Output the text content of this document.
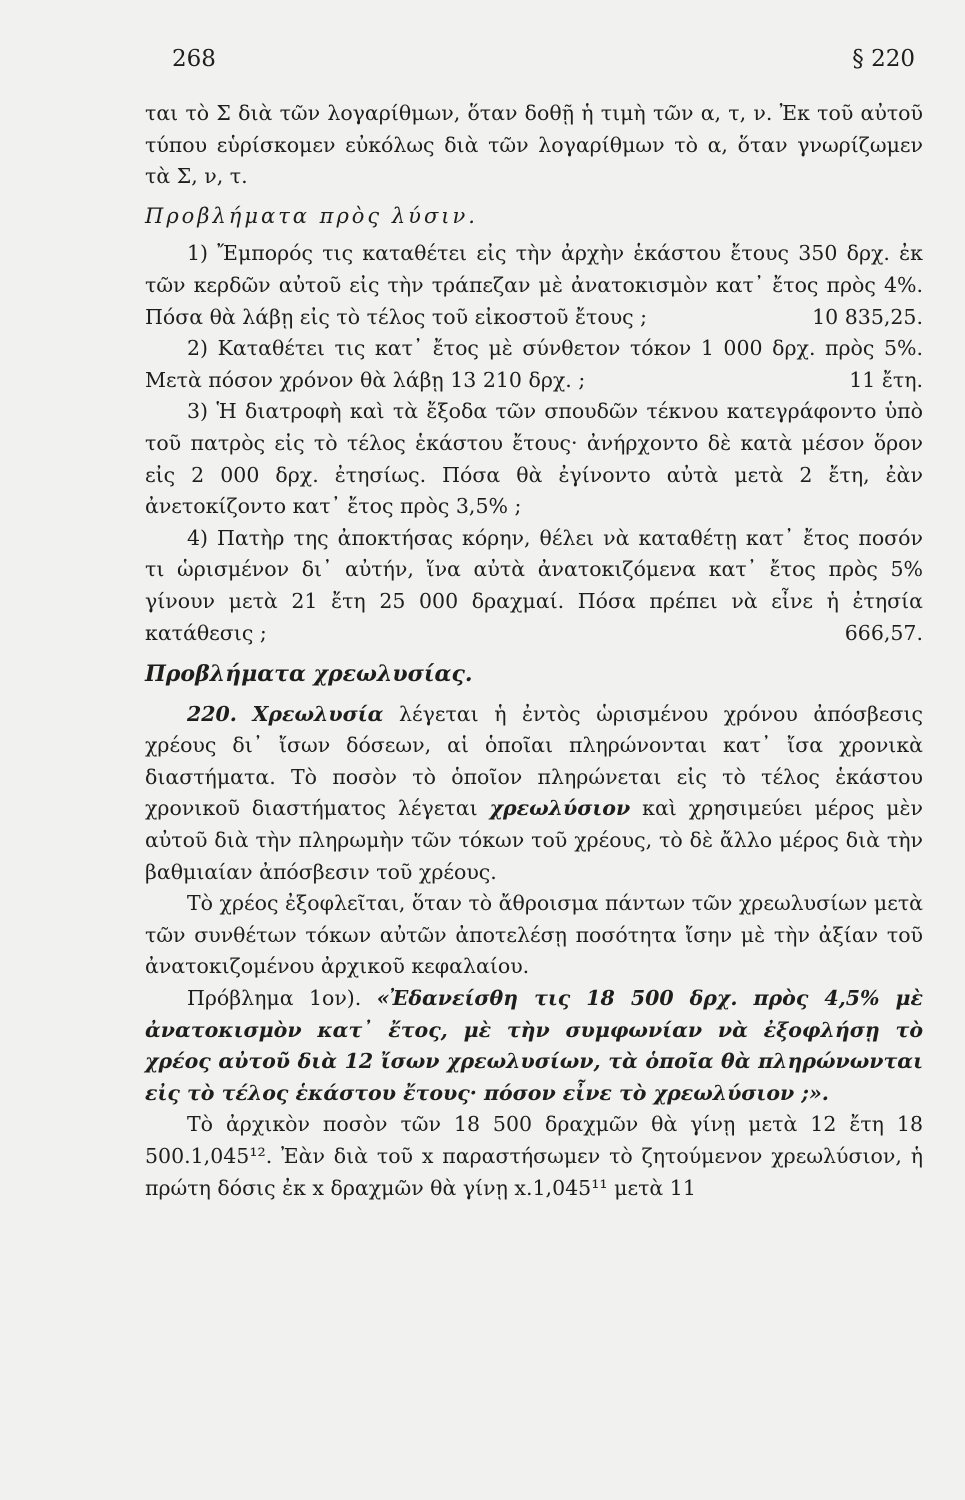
268	§ 220

ται τὸ Σ διὰ τῶν λογαρίθμων, ὅταν δοθῇ ἡ τιμὴ τῶν α, τ, ν. Ἐκ τοῦ αὐτοῦ τύπου εὑρίσκομεν εὐκόλως διὰ τῶν λογαρίθμων τὸ α, ὅταν γνωρίζωμεν τὰ Σ, ν, τ.

Προβλήματα πρὸς λύσιν.

1) Ἔμπορός τις καταθέτει εἰς τὴν ἀρχὴν ἑκάστου ἔτους 350 δρχ. ἐκ τῶν κερδῶν αὐτοῦ εἰς τὴν τράπεζαν μὲ ἀνατοκισμὸν κατ᾽ ἔτος πρὸς 4%. Πόσα θὰ λάβῃ εἰς τὸ τέλος τοῦ εἰκοστοῦ ἔτους ;	10 835,25.

2) Καταθέτει τις κατ᾽ ἔτος μὲ σύνθετον τόκον 1 000 δρχ. πρὸς 5%. Μετὰ πόσον χρόνον θὰ λάβῃ 13 210 δρχ. ;	11 ἔτη.

3) Ἡ διατροφὴ καὶ τὰ ἔξοδα τῶν σπουδῶν τέκνου κατεγράφοντο ὑπὸ τοῦ πατρὸς εἰς τὸ τέλος ἑκάστου ἔτους· ἀνήρχοντο δὲ κατὰ μέσον ὅρον εἰς 2 000 δρχ. ἐτησίως. Πόσα θὰ ἐγίνοντο αὐτὰ μετὰ 2 ἔτη, ἐὰν ἀνετοκίζοντο κατ᾽ ἔτος πρὸς 3,5% ;

4) Πατὴρ της ἀποκτήσας κόρην, θέλει νὰ καταθέτῃ κατ᾽ ἔτος ποσόν τι ὡρισμένον δι᾽ αὐτήν, ἵνα αὐτὰ ἀνατοκιζόμενα κατ᾽ ἔτος πρὸς 5% γίνουν μετὰ 21 ἔτη 25 000 δραχμαί. Πόσα πρέπει νὰ εἶνε ἡ ἐτησία κατάθεσις ;	666,57.

Προβλήματα χρεωλυσίας.

220. Χρεωλυσία λέγεται ἡ ἐντὸς ὡρισμένου χρόνου ἀπόσβεσις χρέους δι᾽ ἴσων δόσεων, αἱ ὁποῖαι πληρώνονται κατ᾽ ἴσα χρονικὰ διαστήματα. Τὸ ποσὸν τὸ ὁποῖον πληρώνεται εἰς τὸ τέλος ἑκάστου χρονικοῦ διαστήματος λέγεται χρεωλύσιον καὶ χρησιμεύει μέρος μὲν αὐτοῦ διὰ τὴν πληρωμὴν τῶν τόκων τοῦ χρέους, τὸ δὲ ἄλλο μέρος διὰ τὴν βαθμιαίαν ἀπόσβεσιν τοῦ χρέους.

Τὸ χρέος ἐξοφλεῖται, ὅταν τὸ ἄθροισμα πάντων τῶν χρεωλυσίων μετὰ τῶν συνθέτων τόκων αὐτῶν ἀποτελέσῃ ποσότητα ἴσην μὲ τὴν ἀξίαν τοῦ ἀνατοκιζομένου ἀρχικοῦ κεφαλαίου.

Πρόβλημα 1ον). «Ἐδανείσθη τις 18 500 δρχ. πρὸς 4,5% μὲ ἀνατοκισμὸν κατ᾽ ἔτος, μὲ τὴν συμφωνίαν νὰ ἐξοφλήσῃ τὸ χρέος αὐτοῦ διὰ 12 ἴσων χρεωλυσίων, τὰ ὁποῖα θὰ πληρώνωνται εἰς τὸ τέλος ἑκάστου ἔτους· πόσον εἶνε τὸ χρεωλύσιον ;».

Τὸ ἀρχικὸν ποσὸν τῶν 18 500 δραχμῶν θὰ γίνῃ μετὰ 12 ἔτη 18 500.1,045¹². Ἐὰν διὰ τοῦ x παραστήσωμεν τὸ ζητούμενον χρεωλύσιον, ἡ πρώτη δόσις ἐκ x δραχμῶν θὰ γίνῃ x.1,045¹¹ μετὰ 11
